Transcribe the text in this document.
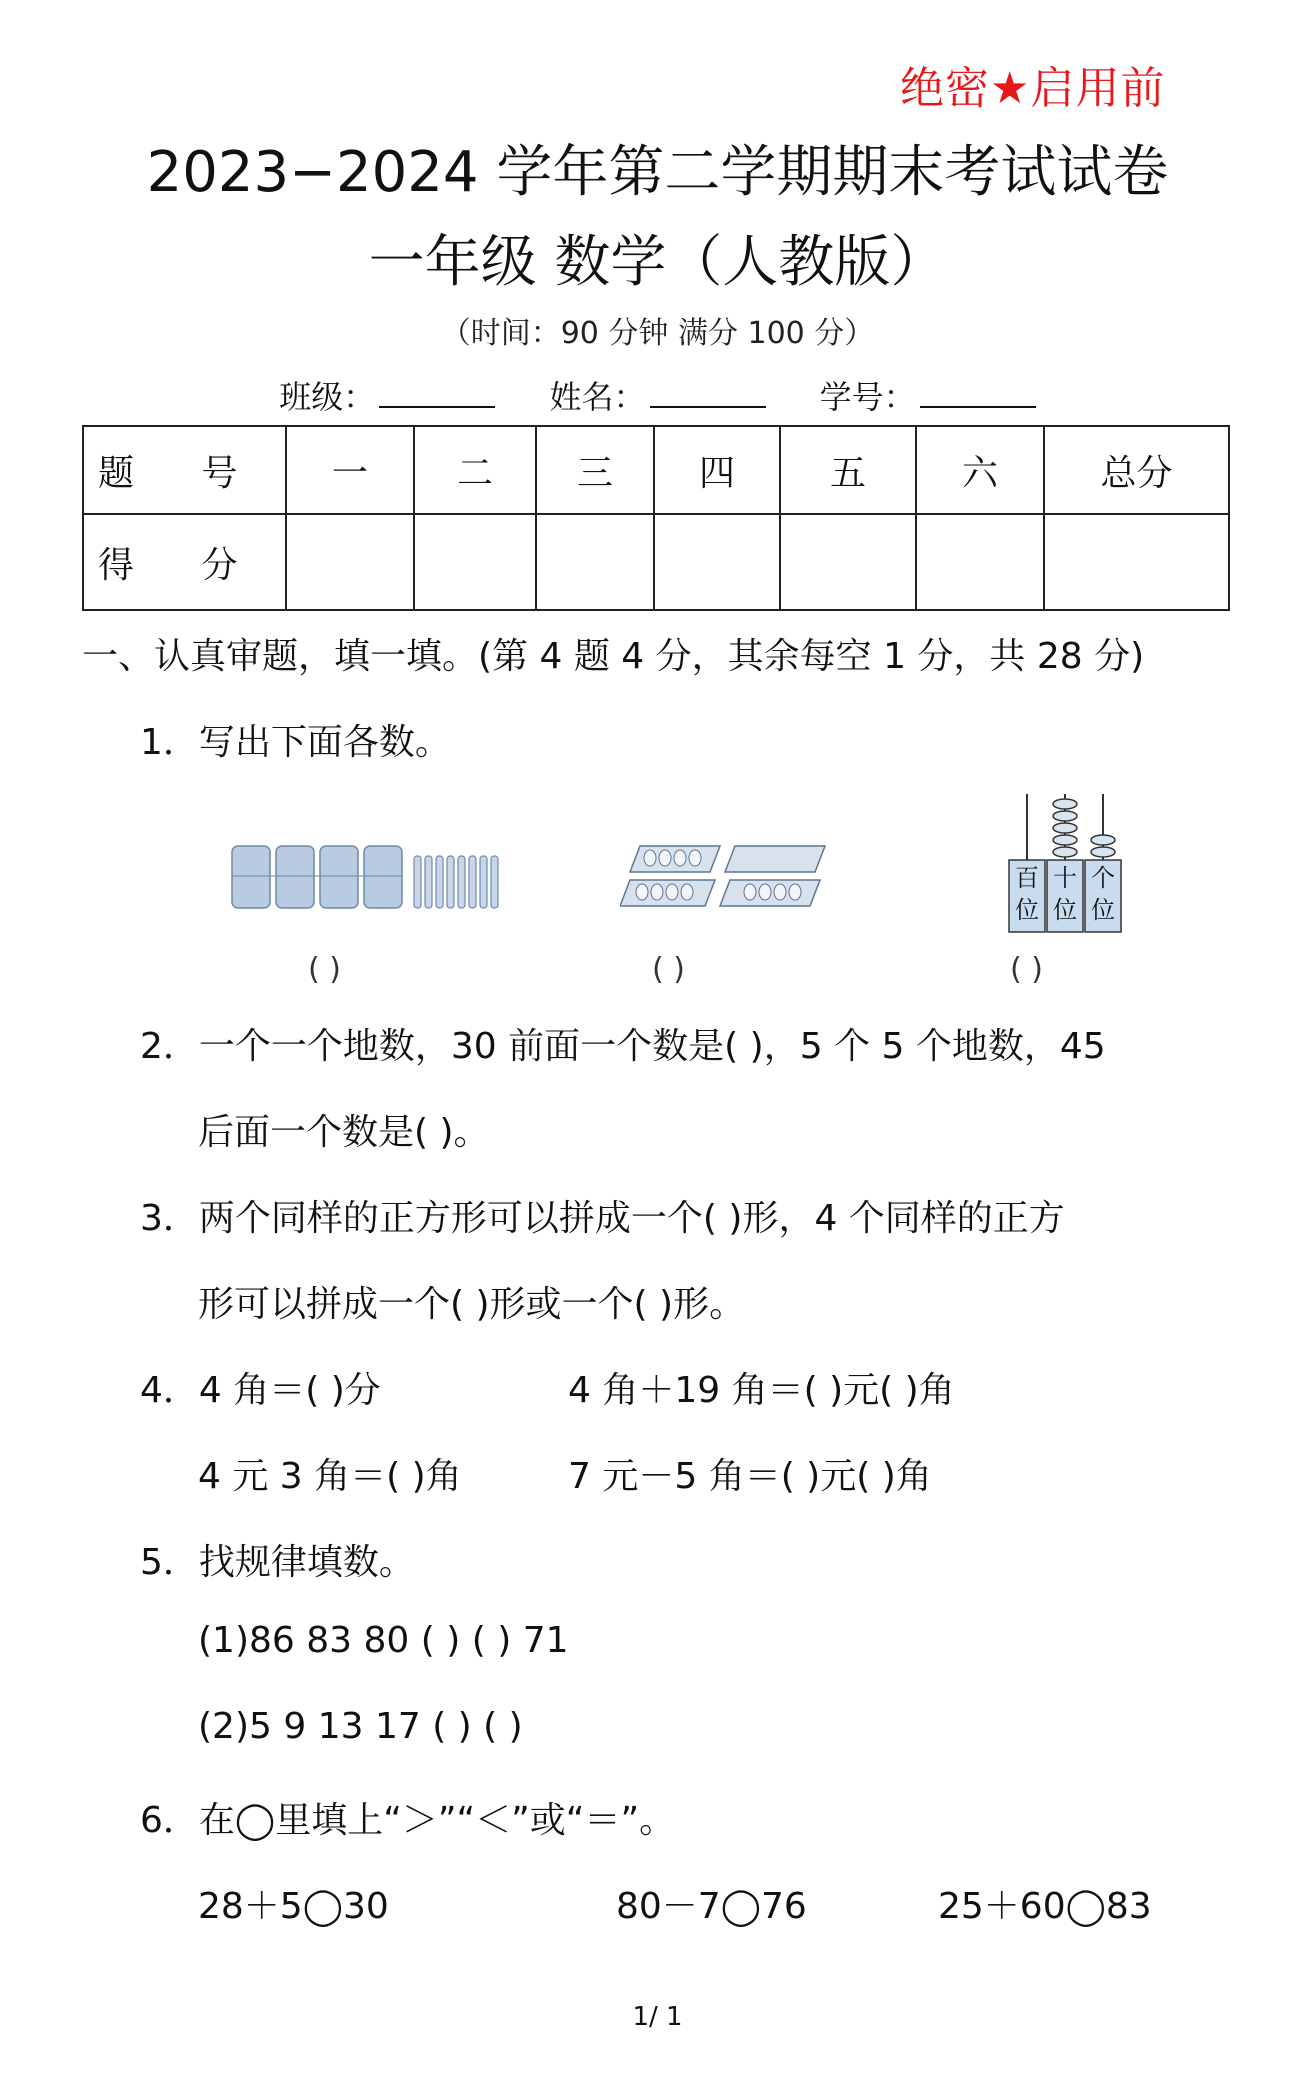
绝密★启用前
2023−2024 学年第二学期期末考试试卷
一年级 数学（人教版）
（时间：90 分钟 满分 100 分）
班级：	姓名：	学号：
题 号	一	二	三	四	五	六	总分
得 分							
一、认真审题，填一填。(第 4 题 4 分，其余每空 1 分，共 28 分)
1．写出下面各数。
百
位
十
位
个
位
( )	( )	( )
2．一个一个地数，30 前面一个数是( )，5 个 5 个地数，45
后面一个数是( )。
3．两个同样的正方形可以拼成一个( )形，4 个同样的正方
形可以拼成一个( )形或一个( )形。
4．4 角＝( )分	4 角＋19 角＝( )元( )角
4 元 3 角＝( )角	7 元－5 角＝( )元( )角
5．找规律填数。
(1)86 83 80 ( ) ( ) 71
(2)5 9 13 17 ( ) ( )
6．在◯里填上“＞”“＜”或“＝”。
28＋5◯30	80－7◯76	25＋60◯83
1/ 1
